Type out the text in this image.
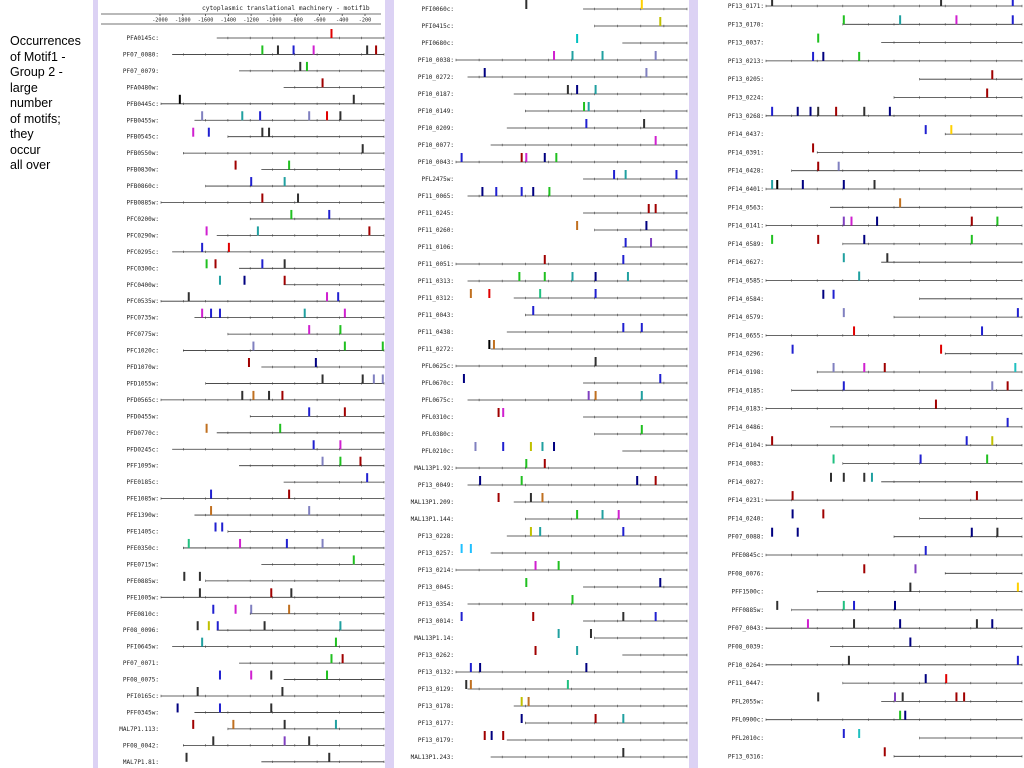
Occurrences
of Motif1 -
Group 2 -
large
number
of motifs;
they
occur
all over
cytoplasmic translational machinery - motif1b
-2000 -1800 -1600 -1400 -1200 -1000 -800 -600 -400 -200
PFA0145c:
PF07_0080:
PF07_0079:
PFA0480w:
PFB0445c:
PFB0455w:
PFB0545c:
PFB0550w:
PFB0830w:
PFB0860c:
PFB0885w:
PFC0200w:
PFC0290w:
PFC0295c:
PFC0300c:
PFC0400w:
PFC0535w:
PFC0735w:
PFC0775w:
PFC1020c:
PFD1070w:
PFD1055w:
PFD0565c:
PFD0455w:
PFD0770c:
PFD0245c:
PFF1095w:
PFE0185c:
PFE1085w:
PFE1390w:
PFE1405c:
PFE0350c:
PFE0715w:
PFE0885w:
PFE1005w:
PFE0810c:
PF08_0096:
PFI0645w:
PF07_0071:
PF08_0075:
PFI0165c:
PFF0345w:
MAL7P1.113:
PF08_0042:
MAL7P1.81:
PFI0060c:
PFI0415c:
PFI0680c:
PF10_0038:
PF10_0272:
PF10_0187:
PF10_0149:
PF10_0209:
PF10_0077:
PF10_0043:
PFL2475w:
PF11_0065:
PF11_0245:
PF11_0260:
PF11_0106:
PF11_0051:
PF11_0313:
PF11_0312:
PF11_0043:
PF11_0438:
PF11_0272:
PFL0625c:
PFL0670c:
PFL0675c:
PFL0310c:
PFL0380c:
PFL0210c:
MAL13P1.92:
PF13_0049:
MAL13P1.209:
MAL13P1.144:
PF13_0228:
PF13_0257:
PF13_0214:
PF13_0045:
PF13_0354:
PF13_0014:
MAL13P1.14:
PF13_0262:
PF13_0132:
PF13_0129:
PF13_0178:
PF13_0177:
PF13_0179:
MAL13P1.243:
PF13_0171:
PF13_0170:
PF13_0037:
PF13_0213:
PF13_0205:
PF13_0224:
PF13_0268:
PF14_0437:
PF14_0391:
PF14_0428:
PF14_0401:
PF14_0563:
PF14_0141:
PF14_0589:
PF14_0627:
PF14_0585:
PF14_0584:
PF14_0579:
PF14_0655:
PF14_0296:
PF14_0198:
PF14_0185:
PF14_0183:
PF14_0486:
PF14_0104:
PF14_0083:
PF14_0027:
PF14_0231:
PF14_0240:
PF07_0088:
PFE0845c:
PF08_0076:
PFF1500c:
PFF0885w:
PF07_0043:
PF08_0039:
PF10_0264:
PF11_0447:
PFL2055w:
PFL0900c:
PFL2010c:
PF13_0316:
